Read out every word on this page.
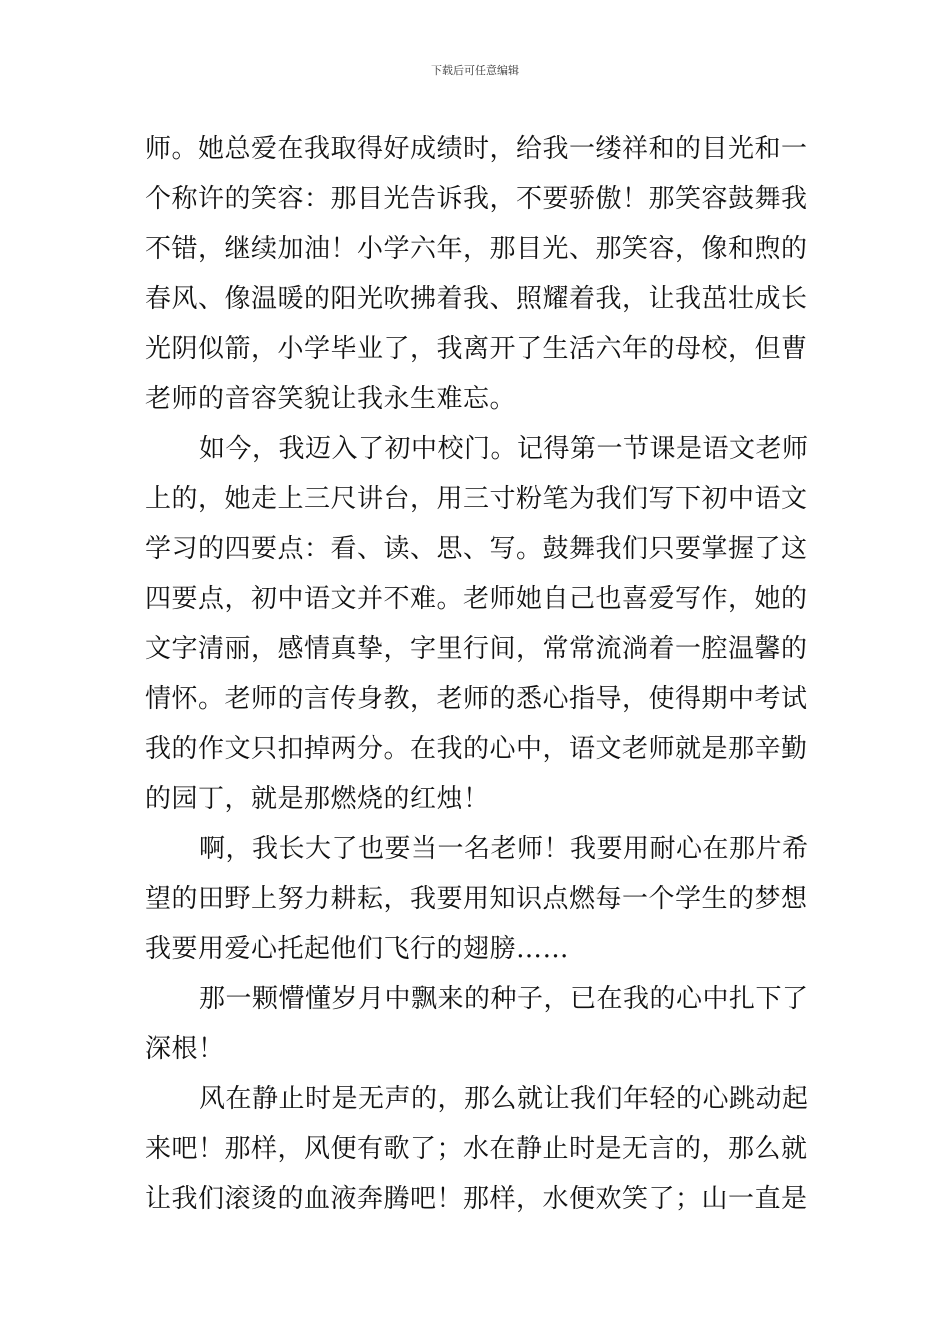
下载后可任意编辑
师。她总爱在我取得好成绩时，给我一缕祥和的目光和一
个称许的笑容：那目光告诉我，不要骄傲！那笑容鼓舞我
不错，继续加油！小学六年，那目光、那笑容，像和煦的
春风、像温暖的阳光吹拂着我、照耀着我，让我茁壮成长
光阴似箭，小学毕业了，我离开了生活六年的母校，但曹
老师的音容笑貌让我永生难忘。
如今，我迈入了初中校门。记得第一节课是语文老师
上的，她走上三尺讲台，用三寸粉笔为我们写下初中语文
学习的四要点：看、读、思、写。鼓舞我们只要掌握了这
四要点，初中语文并不难。老师她自己也喜爱写作，她的
文字清丽，感情真挚，字里行间，常常流淌着一腔温馨的
情怀。老师的言传身教，老师的悉心指导，使得期中考试
我的作文只扣掉两分。在我的心中，语文老师就是那辛勤
的园丁，就是那燃烧的红烛！
啊，我长大了也要当一名老师！我要用耐心在那片希
望的田野上努力耕耘，我要用知识点燃每一个学生的梦想
我要用爱心托起他们飞行的翅膀……
那一颗懵懂岁月中飘来的种子，已在我的心中扎下了
深根！
风在静止时是无声的，那么就让我们年轻的心跳动起
来吧！那样，风便有歌了；水在静止时是无言的，那么就
让我们滚烫的血液奔腾吧！那样，水便欢笑了；山一直是
